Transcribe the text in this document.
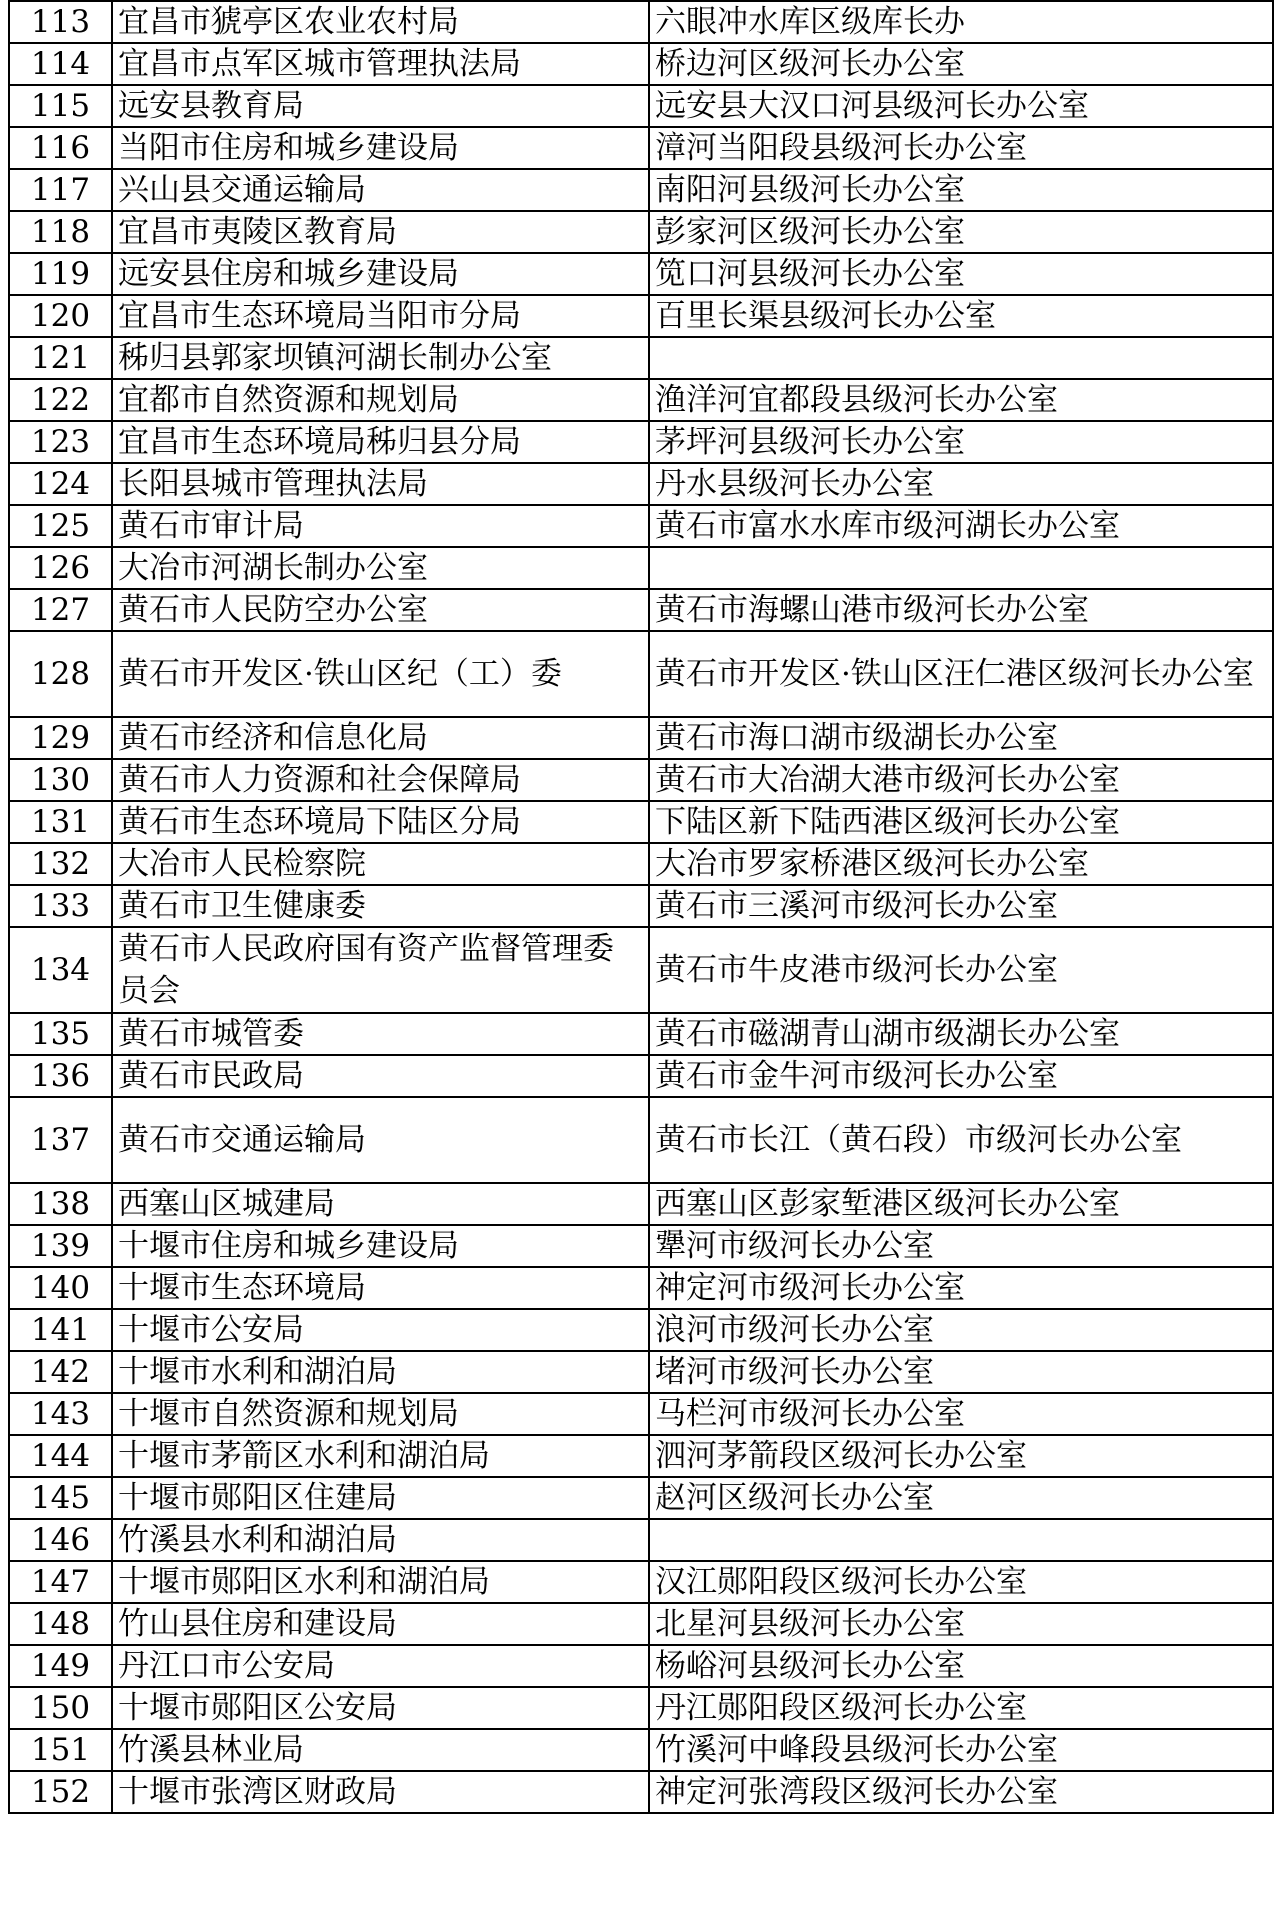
113	宜昌市猇亭区农业农村局	六眼冲水库区级库长办
114	宜昌市点军区城市管理执法局	桥边河区级河长办公室
115	远安县教育局	远安县大汉口河县级河长办公室
116	当阳市住房和城乡建设局	漳河当阳段县级河长办公室
117	兴山县交通运输局	南阳河县级河长办公室
118	宜昌市夷陵区教育局	彭家河区级河长办公室
119	远安县住房和城乡建设局	笕口河县级河长办公室
120	宜昌市生态环境局当阳市分局	百里长渠县级河长办公室
121	秭归县郭家坝镇河湖长制办公室	
122	宜都市自然资源和规划局	渔洋河宜都段县级河长办公室
123	宜昌市生态环境局秭归县分局	茅坪河县级河长办公室
124	长阳县城市管理执法局	丹水县级河长办公室
125	黄石市审计局	黄石市富水水库市级河湖长办公室
126	大冶市河湖长制办公室	
127	黄石市人民防空办公室	黄石市海螺山港市级河长办公室
128	黄石市开发区·铁山区纪（工）委	黄石市开发区·铁山区汪仁港区级河长办公室
129	黄石市经济和信息化局	黄石市海口湖市级湖长办公室
130	黄石市人力资源和社会保障局	黄石市大冶湖大港市级河长办公室
131	黄石市生态环境局下陆区分局	下陆区新下陆西港区级河长办公室
132	大冶市人民检察院	大冶市罗家桥港区级河长办公室
133	黄石市卫生健康委	黄石市三溪河市级河长办公室
134	黄石市人民政府国有资产监督管理委员会	黄石市牛皮港市级河长办公室
135	黄石市城管委	黄石市磁湖青山湖市级湖长办公室
136	黄石市民政局	黄石市金牛河市级河长办公室
137	黄石市交通运输局	黄石市长江（黄石段）市级河长办公室
138	西塞山区城建局	西塞山区彭家堑港区级河长办公室
139	十堰市住房和城乡建设局	犟河市级河长办公室
140	十堰市生态环境局	神定河市级河长办公室
141	十堰市公安局	浪河市级河长办公室
142	十堰市水利和湖泊局	堵河市级河长办公室
143	十堰市自然资源和规划局	马栏河市级河长办公室
144	十堰市茅箭区水利和湖泊局	泗河茅箭段区级河长办公室
145	十堰市郧阳区住建局	赵河区级河长办公室
146	竹溪县水利和湖泊局	
147	十堰市郧阳区水利和湖泊局	汉江郧阳段区级河长办公室
148	竹山县住房和建设局	北星河县级河长办公室
149	丹江口市公安局	杨峪河县级河长办公室
150	十堰市郧阳区公安局	丹江郧阳段区级河长办公室
151	竹溪县林业局	竹溪河中峰段县级河长办公室
152	十堰市张湾区财政局	神定河张湾段区级河长办公室
